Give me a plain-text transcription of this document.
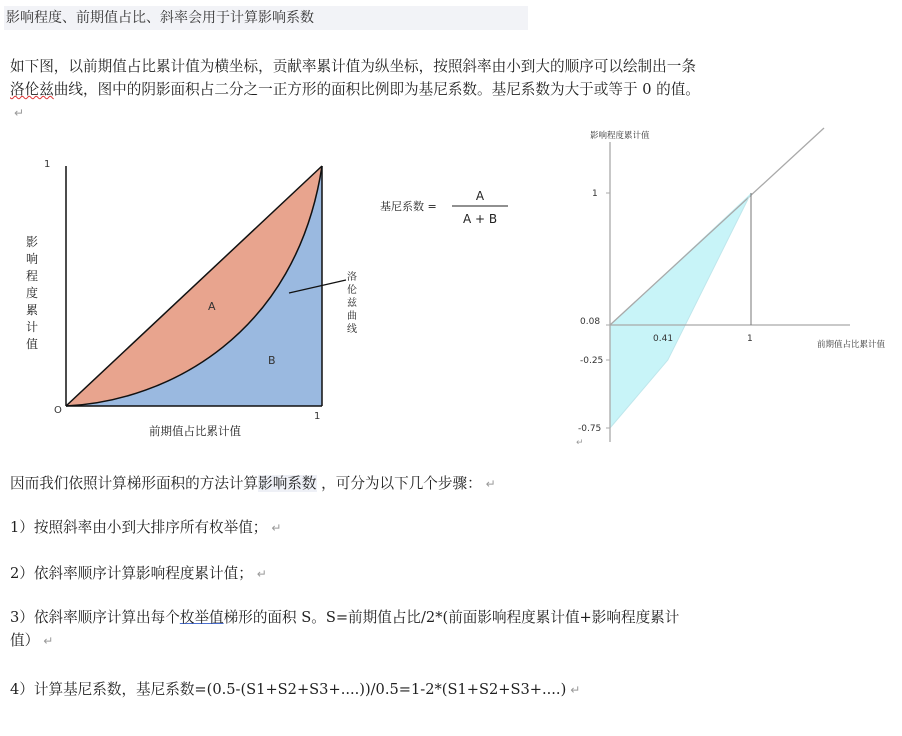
影响程度、前期值占比、斜率会用于计算影响系数

如下图，以前期值占比累计值为横坐标，贡献率累计值为纵坐标，按照斜率由小到大的顺序可以绘制出一条洛伦兹曲线，图中的阴影面积占二分之一正方形的面积比例即为基尼系数。基尼系数为大于或等于 0 的值。↵

1
O
1
A
B
前期值占比累计值
影
响
程
度
累
计
值
洛
伦
兹
曲
线
基尼系数 =
A
A + B
影响程度累计值
前期值占比累计值
1
0.08
-0.25
-0.75
0.41	1
↵

因而我们依照计算梯形面积的方法计算影响系数 ，可分为以下几个步骤： ↵

1）按照斜率由小到大排序所有枚举值； ↵

2）依斜率顺序计算影响程度累计值； ↵

3）依斜率顺序计算出每个枚举值梯形的面积 S。S=前期值占比/2*(前面影响程度累计值+影响程度累计值） ↵

4）计算基尼系数，基尼系数=(0.5-(S1+S2+S3+....))/0.5=1-2*(S1+S2+S3+....) ↵
